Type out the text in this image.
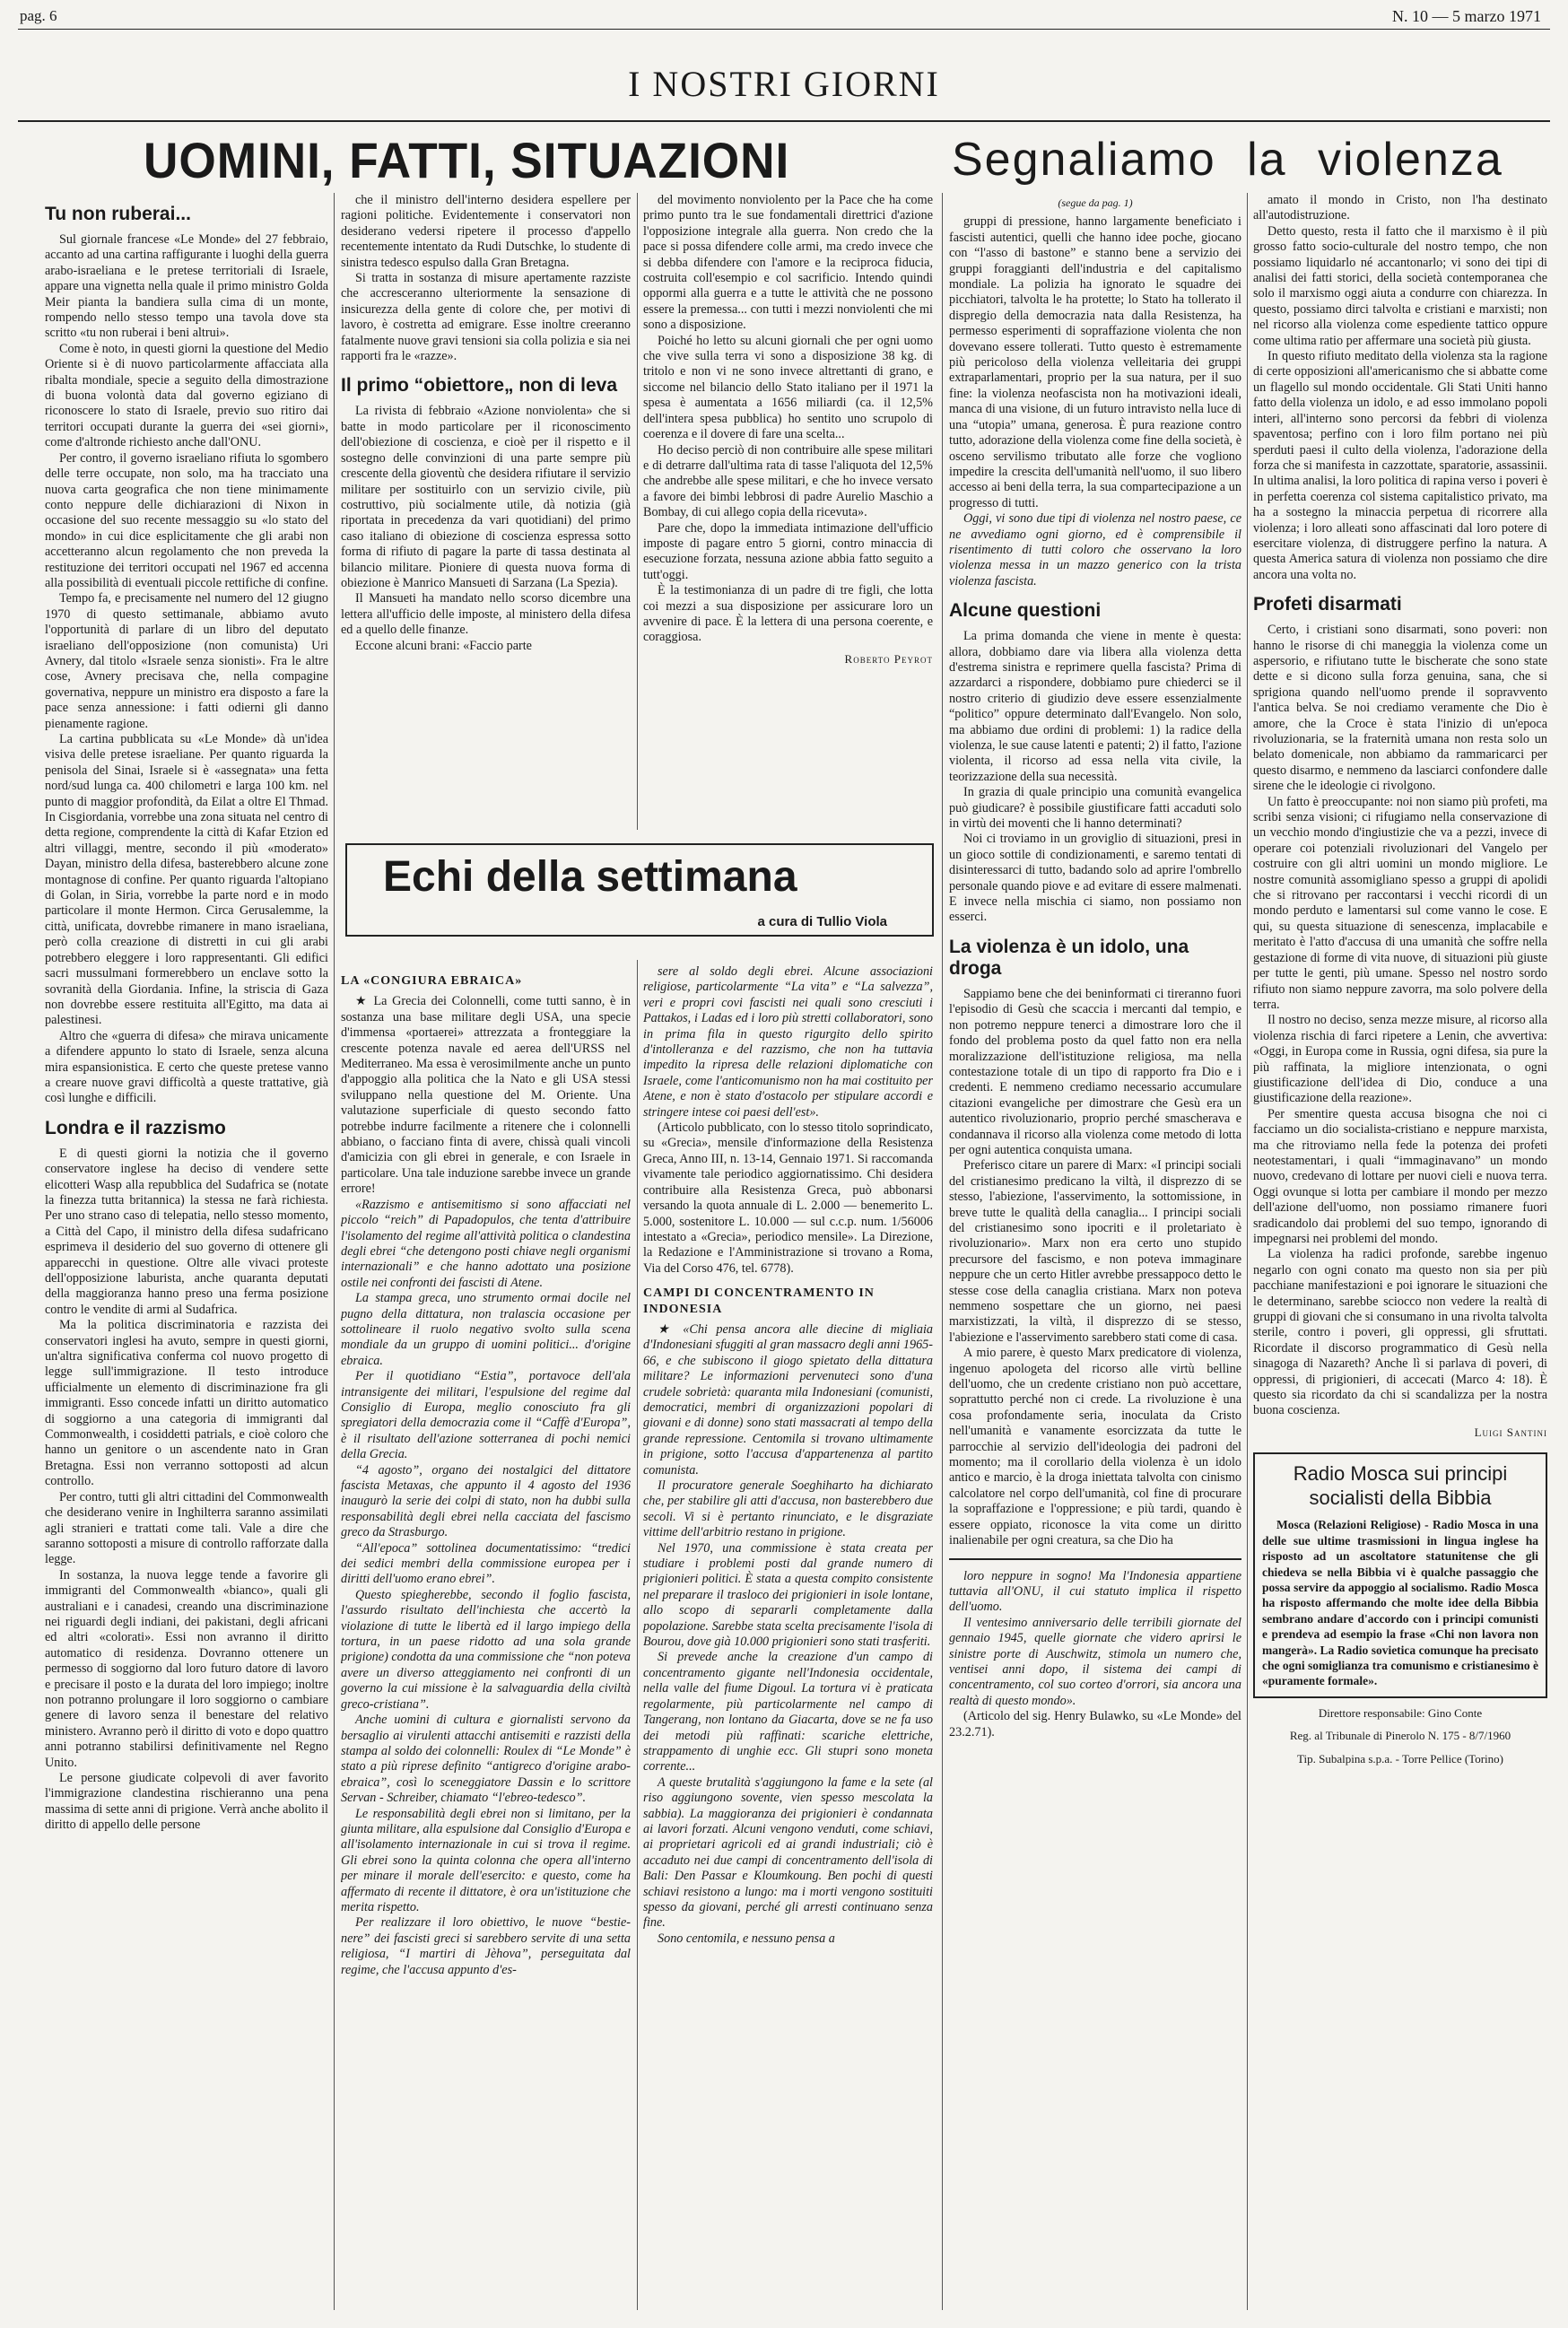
pag. 6	N. 10 — 5 marzo 1971
I NOSTRI GIORNI
UOMINI, FATTI, SITUAZIONI	Segnaliamo la violenza
Echi della settimana
a cura di Tullio Viola

Tu non ruberai...

Sul giornale francese «Le Monde» del 27 febbraio, accanto ad una cartina raffigurante i luoghi della guerra arabo-israeliana e le pretese territoriali di Israele, appare una vignetta nella quale il primo ministro Golda Meir pianta la bandiera sulla cima di un monte, rompendo nello stesso tempo una tavola dove sta scritto «tu non ruberai i beni altrui».

Come è noto, in questi giorni la questione del Medio Oriente si è di nuovo particolarmente affacciata alla ribalta mondiale, specie a seguito della dimostrazione di buona volontà data dal governo egiziano di riconoscere lo stato di Israele, previo suo ritiro dai territori occupati durante la guerra dei «sei giorni», come d'altronde richiesto anche dall'ONU.

Per contro, il governo israeliano rifiuta lo sgombero delle terre occupate, non solo, ma ha tracciato una nuova carta geografica che non tiene minimamente conto neppure delle dichiarazioni di Nixon in occasione del suo recente messaggio su «lo stato del mondo» in cui dice esplicitamente che gli arabi non accetteranno alcun regolamento che non preveda la restituzione dei territori occupati nel 1967 ed accenna alla possibilità di eventuali piccole rettifiche di confine.

Tempo fa, e precisamente nel numero del 12 giugno 1970 di questo settimanale, abbiamo avuto l'opportunità di parlare di un libro del deputato israeliano dell'opposizione (non comunista) Uri Avnery, dal titolo «Israele senza sionisti». Fra le altre cose, Avnery precisava che, nella compagine governativa, neppure un ministro era disposto a fare la pace senza annessione: i fatti odierni gli danno pienamente ragione.

La cartina pubblicata su «Le Monde» dà un'idea visiva delle pretese israeliane. Per quanto riguarda la penisola del Sinai, Israele si è «assegnata» una fetta nord/sud lunga ca. 400 chilometri e larga 100 km. nel punto di maggior profondità, da Eilat a oltre El Thmad. In Cisgiordania, vorrebbe una zona situata nel centro di detta regione, comprendente la città di Kafar Etzion ed altri villaggi, mentre, secondo il più «moderato» Dayan, ministro della difesa, basterebbero alcune zone montagnose di confine. Per quanto riguarda l'altopiano di Golan, in Siria, vorrebbe la parte nord e in modo particolare il monte Hermon. Circa Gerusalemme, la città, unificata, dovrebbe rimanere in mano israeliana, però colla creazione di distretti in cui gli arabi potrebbero eleggere i loro rappresentanti. Gli edifici sacri mussulmani formerebbero un enclave sotto la sovranità della Giordania. Infine, la striscia di Gaza non dovrebbe essere restituita all'Egitto, ma data ai palestinesi.

Altro che «guerra di difesa» che mirava unicamente a difendere appunto lo stato di Israele, senza alcuna mira espansionistica. E certo che queste pretese vanno a creare nuove gravi difficoltà a queste trattative, già così lunghe e difficili.

Londra e il razzismo

E di questi giorni la notizia che il governo conservatore inglese ha deciso di vendere sette elicotteri Wasp alla repubblica del Sudafrica se (notate la finezza tutta britannica) la stessa ne farà richiesta. Per uno strano caso di telepatia, nello stesso momento, a Città del Capo, il ministro della difesa sudafricano esprimeva il desiderio del suo governo di ottenere gli apparecchi in questione. Oltre alle vivaci proteste dell'opposizione laburista, anche quaranta deputati della maggioranza hanno preso una ferma posizione contro le vendite di armi al Sudafrica.

Ma la politica discriminatoria e razzista dei conservatori inglesi ha avuto, sempre in questi giorni, un'altra significativa conferma col nuovo progetto di legge sull'immigrazione. Il testo introduce ufficialmente un elemento di discriminazione fra gli immigranti. Esso concede infatti un diritto automatico di soggiorno a una categoria di immigranti dal Commonwealth, i cosiddetti patrials, e cioè coloro che hanno un genitore o un ascendente nato in Gran Bretagna. Essi non verranno sottoposti ad alcun controllo.

Per contro, tutti gli altri cittadini del Commonwealth che desiderano venire in Inghilterra saranno assimilati agli stranieri e trattati come tali. Vale a dire che saranno sottoposti a misure di controllo rafforzate dalla legge.

In sostanza, la nuova legge tende a favorire gli immigranti del Commonwealth «bianco», quali gli australiani e i canadesi, creando una discriminazione nei riguardi degli indiani, dei pakistani, degli africani ed altri «colorati». Essi non avranno il diritto automatico di residenza. Dovranno ottenere un permesso di soggiorno dal loro futuro datore di lavoro e precisare il posto e la durata del loro impiego; inoltre non potranno prolungare il loro soggiorno o cambiare genere di lavoro senza il benestare del relativo ministero. Avranno però il diritto di voto e dopo quattro anni potranno stabilirsi definitivamente nel Regno Unito.

Le persone giudicate colpevoli di aver favorito l'immigrazione clandestina rischieranno una pena massima di sette anni di prigione. Verrà anche abolito il diritto di appello delle persone

che il ministro dell'interno desidera espellere per ragioni politiche. Evidentemente i conservatori non desiderano vedersi ripetere il processo d'appello recentemente intentato da Rudi Dutschke, lo studente di sinistra tedesco espulso dalla Gran Bretagna.

Si tratta in sostanza di misure apertamente razziste che accresceranno ulteriormente la sensazione di insicurezza della gente di colore che, per motivi di lavoro, è costretta ad emigrare. Esse inoltre creeranno fatalmente nuove gravi tensioni sia colla polizia e sia nei rapporti fra le «razze».

Il primo “obiettore„ non di leva

La rivista di febbraio «Azione nonviolenta» che si batte in modo particolare per il riconoscimento dell'obiezione di coscienza, e cioè per il rispetto e il sostegno delle convinzioni di una parte sempre più crescente della gioventù che desidera rifiutare il servizio militare per sostituirlo con un servizio civile, più costruttivo, più socialmente utile, dà notizia (già riportata in precedenza da vari quotidiani) del primo caso italiano di obiezione di coscienza espressa sotto forma di rifiuto di pagare la parte di tassa destinata al bilancio militare. Pioniere di questa nuova forma di obiezione è Manrico Mansueti di Sarzana (La Spezia).

Il Mansueti ha mandato nello scorso dicembre una lettera all'ufficio delle imposte, al ministero della difesa ed a quello delle finanze.

Eccone alcuni brani: «Faccio parte

del movimento nonviolento per la Pace che ha come primo punto tra le sue fondamentali direttrici d'azione l'opposizione integrale alla guerra. Non credo che la pace si possa difendere colle armi, ma credo invece che si debba difendere con l'amore e la reciproca fiducia, costruita coll'esempio e col sacrificio. Intendo quindi oppormi alla guerra e a tutte le attività che ne possono essere la premessa... con tutti i mezzi nonviolenti che mi sono a disposizione.

Poiché ho letto su alcuni giornali che per ogni uomo che vive sulla terra vi sono a disposizione 38 kg. di tritolo e non vi ne sono invece altrettanti di grano, e siccome nel bilancio dello Stato italiano per il 1971 la spesa è aumentata a 1656 miliardi (ca. il 12,5% dell'intera spesa pubblica) ho sentito uno scrupolo di coerenza e il dovere di fare una scelta...

Ho deciso perciò di non contribuire alle spese militari e di detrarre dall'ultima rata di tasse l'aliquota del 12,5% che andrebbe alle spese militari, e che ho invece versato a favore dei bimbi lebbrosi di padre Aurelio Maschio a Bombay, di cui allego copia della ricevuta».

Pare che, dopo la immediata intimazione dell'ufficio imposte di pagare entro 5 giorni, contro minaccia di esecuzione forzata, nessuna azione abbia fatto seguito a tutt'oggi.

È la testimonianza di un padre di tre figli, che lotta coi mezzi a sua disposizione per assicurare loro un avvenire di pace. È la lettera di una persona coerente, e coraggiosa.

Roberto Peyrot

LA «CONGIURA EBRAICA»

★ La Grecia dei Colonnelli, come tutti sanno, è in sostanza una base militare degli USA, una specie d'immensa «portaerei» attrezzata a fronteggiare la crescente potenza navale ed aerea dell'URSS nel Mediterraneo. Ma essa è verosimilmente anche un punto d'appoggio alla politica che la Nato e gli USA stessi sviluppano nella questione del M. Oriente. Una valutazione superficiale di questo secondo fatto potrebbe indurre facilmente a ritenere che i colonnelli abbiano, o facciano finta di avere, chissà quali vincoli d'amicizia con gli ebrei in generale, e con Israele in particolare. Una tale induzione sarebbe invece un grande errore!

«Razzismo e antisemitismo si sono affacciati nel piccolo “reich” di Papadopulos, che tenta d'attribuire l'isolamento del regime all'attività politica o clandestina degli ebrei “che detengono posti chiave negli organismi internazionali” e che hanno adottato una posizione ostile nei confronti dei fascisti di Atene.

La stampa greca, uno strumento ormai docile nel pugno della dittatura, non tralascia occasione per sottolineare il ruolo negativo svolto sulla scena mondiale da un gruppo di uomini politici... d'origine ebraica.

Per il quotidiano “Estia”, portavoce dell'ala intransigente dei militari, l'espulsione del regime dal Consiglio di Europa, meglio conosciuto fra gli spregiatori della democrazia come il “Caffè d'Europa”, è il risultato dell'azione sotterranea di pochi nemici della Grecia.

“4 agosto”, organo dei nostalgici del dittatore fascista Metaxas, che appunto il 4 agosto del 1936 inaugurò la serie dei colpi di stato, non ha dubbi sulla responsabilità degli ebrei nella cacciata del fascismo greco da Strasburgo.

“All'epoca” sottolinea documentatissimo: “tredici dei sedici membri della commissione europea per i diritti dell'uomo erano ebrei”.

Questo spiegherebbe, secondo il foglio fascista, l'assurdo risultato dell'inchiesta che accertò la violazione di tutte le libertà ed il largo impiego della tortura, in un paese ridotto ad una sola grande prigione) condotta da una commissione che “non poteva avere un diverso atteggiamento nei confronti di un governo la cui missione è la salvaguardia della civiltà greco-cristiana”.

Anche uomini di cultura e giornalisti servono da bersaglio ai virulenti attacchi antisemiti e razzisti della stampa al soldo dei colonnelli: Roulex di “Le Monde” è stato a più riprese definito “antigreco d'origine arabo-ebraica”, così lo sceneggiatore Dassin e lo scrittore Servan - Schreiber, chiamato “l'ebreo-tedesco”.

Le responsabilità degli ebrei non si limitano, per la giunta militare, alla espulsione dal Consiglio d'Europa e all'isolamento internazionale in cui si trova il regime. Gli ebrei sono la quinta colonna che opera all'interno per minare il morale dell'esercito: e questo, come ha affermato di recente il dittatore, è ora un'istituzione che merita rispetto.

Per realizzare il loro obiettivo, le nuove “bestie-nere” dei fascisti greci si sarebbero servite di una setta religiosa, “I martiri di Jèhova”, perseguitata dal regime, che l'accusa appunto d'es-

sere al soldo degli ebrei. Alcune associazioni religiose, particolarmente “La vita” e “La salvezza”, veri e propri covi fascisti nei quali sono cresciuti i Pattakos, i Ladas ed i loro più stretti collaboratori, sono in prima fila in questo rigurgito dello spirito d'intolleranza e del razzismo, che non ha tuttavia impedito la ripresa delle relazioni diplomatiche con Israele, come l'anticomunismo non ha mai costituito per Atene, e non è stato d'ostacolo per stipulare accordi e stringere intese coi paesi dell'est».

(Articolo pubblicato, con lo stesso titolo soprindicato, su «Grecia», mensile d'informazione della Resistenza Greca, Anno III, n. 13-14, Gennaio 1971. Si raccomanda vivamente tale periodico aggiornatissimo. Chi desidera contribuire alla Resistenza Greca, può abbonarsi versando la quota annuale di L. 2.000 — benemerito L. 5.000, sostenitore L. 10.000 — sul c.c.p. num. 1/56006 intestato a «Grecia», periodico mensile». La Direzione, la Redazione e l'Amministrazione si trovano a Roma, Via del Corso 476, tel. 6778).

CAMPI DI CONCENTRAMENTO IN INDONESIA

★ «Chi pensa ancora alle diecine di migliaia d'Indonesiani sfuggiti al gran massacro degli anni 1965-66, e che subiscono il giogo spietato della dittatura militare? Le informazioni pervenuteci sono d'una crudele sobrietà: quaranta mila Indonesiani (comunisti, democratici, membri di organizzazioni popolari di giovani e di donne) sono stati massacrati al tempo della grande repressione. Centomila si trovano ultimamente in prigione, sotto l'accusa d'appartenenza al partito comunista.

Il procuratore generale Soeghiharto ha dichiarato che, per stabilire gli atti d'accusa, non basterebbero due secoli. Vi si è pertanto rinunciato, e le disgraziate vittime dell'arbitrio restano in prigione.

Nel 1970, una commissione è stata creata per studiare i problemi posti dal grande numero di prigionieri politici. È stata a questa compito consistente nel preparare il trasloco dei prigionieri in isole lontane, allo scopo di separarli completamente dalla popolazione. Sarebbe stata scelta precisamente l'isola di Bourou, dove già 10.000 prigionieri sono stati trasferiti.

Si prevede anche la creazione d'un campo di concentramento gigante nell'Indonesia occidentale, nella valle del fiume Digoul. La tortura vi è praticata regolarmente, più particolarmente nel campo di Tangerang, non lontano da Giacarta, dove se ne fa uso dei metodi più raffinati: scariche elettriche, strappamento di unghie ecc. Gli stupri sono moneta corrente...

A queste brutalità s'aggiungono la fame e la sete (al riso aggiungono sovente, vien spesso mescolata la sabbia). La maggioranza dei prigionieri è condannata ai lavori forzati. Alcuni vengono venduti, come schiavi, ai proprietari agricoli ed ai grandi industriali; ciò è accaduto nei due campi di concentramento dell'isola di Bali: Den Passar e Kloumkoung. Ben pochi di questi schiavi resistono a lungo: ma i morti vengono sostituiti spesso da giovani, perché gli arresti continuano senza fine.

Sono centomila, e nessuno pensa a

(segue da pag. 1)

gruppi di pressione, hanno largamente beneficiato i fascisti autentici, quelli che hanno idee poche, giocano con “l'asso di bastone” e stanno bene a servizio dei gruppi foraggianti dell'industria e del capitalismo mondiale. La polizia ha ignorato le squadre dei picchiatori, talvolta le ha protette; lo Stato ha tollerato il dispregio della democrazia nata dalla Resistenza, ha permesso esperimenti di sopraffazione violenta che non dovevano essere tollerati. Tutto questo è estremamente più pericoloso della violenza velleitaria dei gruppi extraparlamentari, proprio per la sua natura, per il suo fine: la violenza neofascista non ha motivazioni ideali, manca di una visione, di un futuro intravisto nella luce di una “utopia” umana, generosa. È pura reazione contro tutto, adorazione della violenza come fine della società, è osceno servilismo tributato alle forze che vogliono impedire la crescita dell'umanità nell'uomo, il suo libero accesso ai beni della terra, la sua compartecipazione a un progresso di tutti.

Oggi, vi sono due tipi di violenza nel nostro paese, ce ne avvediamo ogni giorno, ed è comprensibile il risentimento di tutti coloro che osservano la loro violenza messa in un mazzo generico con la trista violenza fascista.

Alcune questioni

La prima domanda che viene in mente è questa: allora, dobbiamo dare via libera alla violenza detta d'estrema sinistra e reprimere quella fascista? Prima di azzardarci a rispondere, dobbiamo pure chiederci se il nostro criterio di giudizio deve essere essenzialmente “politico” oppure determinato dall'Evangelo. Non solo, ma abbiamo due ordini di problemi: 1) la radice della violenza, le sue cause latenti e patenti; 2) il fatto, l'azione violenta, il ricorso ad essa nella vita civile, la teorizzazione della sua necessità.

In grazia di quale principio una comunità evangelica può giudicare? è possibile giustificare fatti accaduti solo in virtù dei moventi che li hanno determinati?

Noi ci troviamo in un groviglio di situazioni, presi in un gioco sottile di condizionamenti, e saremo tentati di disinteressarci di tutto, badando solo ad aprire l'ombrello personale quando piove e ad evitare di essere malmenati. E invece nella mischia ci siamo, non possiamo non esserci.

La violenza è un idolo, una droga

Sappiamo bene che dei beninformati ci tireranno fuori l'episodio di Gesù che scaccia i mercanti dal tempio, e non potremo neppure tenerci a dimostrare loro che il fondo del problema posto da quel fatto non era nella moralizzazione dell'istituzione religiosa, ma nella contestazione totale di un tipo di rapporto fra Dio e i credenti. E nemmeno crediamo necessario accumulare citazioni evangeliche per dimostrare che Gesù era un autentico rivoluzionario, proprio perché smascherava e condannava il ricorso alla violenza come metodo di lotta per ogni autentica conquista umana.

Preferisco citare un parere di Marx: «I principi sociali del cristianesimo predicano la viltà, il disprezzo di se stesso, l'abiezione, l'asservimento, la sottomissione, in breve tutte le qualità della canaglia... I principi sociali del cristianesimo sono ipocriti e il proletariato è rivoluzionario». Marx non era certo uno stupido precursore del fascismo, e non poteva immaginare neppure che un certo Hitler avrebbe pressappoco detto le stesse cose della canaglia cristiana. Marx non poteva nemmeno sospettare che un giorno, nei paesi marxistizzati, la viltà, il disprezzo di se stesso, l'abiezione e l'asservimento sarebbero stati come di casa.

A mio parere, è questo Marx predicatore di violenza, ingenuo apologeta del ricorso alle virtù belline dell'uomo, che un credente cristiano non può accettare, soprattutto perché non ci crede. La rivoluzione è una cosa profondamente seria, inoculata da Cristo nell'umanità e vanamente esorcizzata da tutte le parrocchie al servizio dell'ideologia dei padroni del momento; ma il corollario della violenza è un idolo antico e marcio, è la droga iniettata talvolta con cinismo calcolatore nel corpo dell'umanità, col fine di procurare la sopraffazione e l'oppressione; e più tardi, quando è essere oppiato, riconosce la vita come un diritto inalienabile per ogni creatura, sa che Dio ha

loro neppure in sogno! Ma l'Indonesia appartiene tuttavia all'ONU, il cui statuto implica il rispetto dell'uomo.

Il ventesimo anniversario delle terribili giornate del gennaio 1945, quelle giornate che videro aprirsi le sinistre porte di Auschwitz, stimola un numero che, ventisei anni dopo, il sistema dei campi di concentramento, col suo corteo d'orrori, sia ancora una realtà di questo mondo».

(Articolo del sig. Henry Bulawko, su «Le Monde» del 23.2.71).

amato il mondo in Cristo, non l'ha destinato all'autodistruzione.

Detto questo, resta il fatto che il marxismo è il più grosso fatto socio-culturale del nostro tempo, che non possiamo liquidarlo né accantonarlo; vi sono dei tipi di analisi dei fatti storici, della società contemporanea che solo il marxismo oggi aiuta a condurre con chiarezza. In questo, possiamo dirci talvolta e cristiani e marxisti; non nel ricorso alla violenza come espediente tattico oppure come ultima ratio per affermare una società più giusta.

In questo rifiuto meditato della violenza sta la ragione di certe opposizioni all'americanismo che si abbatte come un flagello sul mondo occidentale. Gli Stati Uniti hanno fatto della violenza un idolo, e ad esso immolano popoli interi, all'interno sono percorsi da febbri di violenza spaventosa; perfino con i loro film portano nei più sperduti paesi il culto della violenza, l'adorazione della forza che si manifesta in cazzottate, sparatorie, assassinii. In ultima analisi, la loro politica di rapina verso i poveri è in perfetta coerenza col sistema capitalistico privato, ma ha a sostegno la minaccia perpetua di ricorrere alla violenza; i loro alleati sono affascinati dal loro potere di esercitare violenza, di distruggere perfino la natura. A questa America satura di violenza non possiamo che dire ancora una volta no.

Profeti disarmati

Certo, i cristiani sono disarmati, sono poveri: non hanno le risorse di chi maneggia la violenza come un aspersorio, e rifiutano tutte le bischerate che sono state dette e si dicono sulla forza genuina, sana, che si sprigiona quando nell'uomo prende il sopravvento l'antica belva. Se noi crediamo veramente che Dio è amore, che la Croce è stata l'inizio di un'epoca rivoluzionaria, se la fraternità umana non resta solo un belato domenicale, non abbiamo da rammaricarci per questo disarmo, e nemmeno da lasciarci confondere dalle sirene che le ideologie ci rivolgono.

Un fatto è preoccupante: noi non siamo più profeti, ma scribi senza visioni; ci rifugiamo nella conservazione di un vecchio mondo d'ingiustizie che va a pezzi, invece di operare coi potenziali rivoluzionari del Vangelo per costruire con gli altri uomini un mondo migliore. Le nostre comunità assomigliano spesso a gruppi di apolidi che si ritrovano per raccontarsi i vecchi ricordi di un mondo perduto e lamentarsi sul come vanno le cose. E qui, su questa situazione di senescenza, implacabile e meritato è l'atto d'accusa di una umanità che soffre nella gestazione di forme di vita nuove, di situazioni più giuste per tutte le genti, più umane. Spesso nel nostro sordo rifiuto non siamo neppure zavorra, ma solo polvere della terra.

Il nostro no deciso, senza mezze misure, al ricorso alla violenza rischia di farci ripetere a Lenin, che avvertiva: «Oggi, in Europa come in Russia, ogni difesa, sia pure la più raffinata, la migliore intenzionata, o ogni giustificazione dell'idea di Dio, conduce a una giustificazione della reazione».

Per smentire questa accusa bisogna che noi ci facciamo un dio socialista-cristiano e neppure marxista, ma che ritroviamo nella fede la potenza dei profeti neotestamentari, i quali “immaginavano” un mondo nuovo, credevano di lottare per nuovi cieli e nuova terra. Oggi ovunque si lotta per cambiare il mondo per mezzo dell'azione dell'uomo, non possiamo rimanere fuori sradicandolo dai problemi del suo tempo, ignorando di impegnarsi nei problemi del mondo.

La violenza ha radici profonde, sarebbe ingenuo negarlo con ogni conato ma questo non sia per più pacchiane manifestazioni e poi ignorare le situazioni che le determinano, sarebbe sciocco non vedere la realtà di gruppi di giovani che si consumano in una rivolta talvolta sterile, contro i poveri, gli oppressi, gli sfruttati. Ricordate il discorso programmatico di Gesù nella sinagoga di Nazareth? Anche lì si parlava di poveri, di oppressi, di prigionieri, di accecati (Marco 4: 18). È questo sia ricordato da chi si scandalizza per la nostra buona coscienza.

Luigi Santini

Radio Mosca sui principi socialisti della Bibbia

Mosca (Relazioni Religiose) - Radio Mosca in una delle sue ultime trasmissioni in lingua inglese ha risposto ad un ascoltatore statunitense che gli chiedeva se nella Bibbia vi è qualche passaggio che possa servire da appoggio al socialismo. Radio Mosca ha risposto affermando che molte idee della Bibbia sembrano andare d'accordo con i principi comunisti e prendeva ad esempio la frase «Chi non lavora non mangerà». La Radio sovietica comunque ha precisato che ogni somiglianza tra comunismo e cristianesimo è «puramente formale».

Direttore responsabile: Gino Conte

Reg. al Tribunale di Pinerolo N. 175 - 8/7/1960

Tip. Subalpina s.p.a. - Torre Pellice (Torino)
